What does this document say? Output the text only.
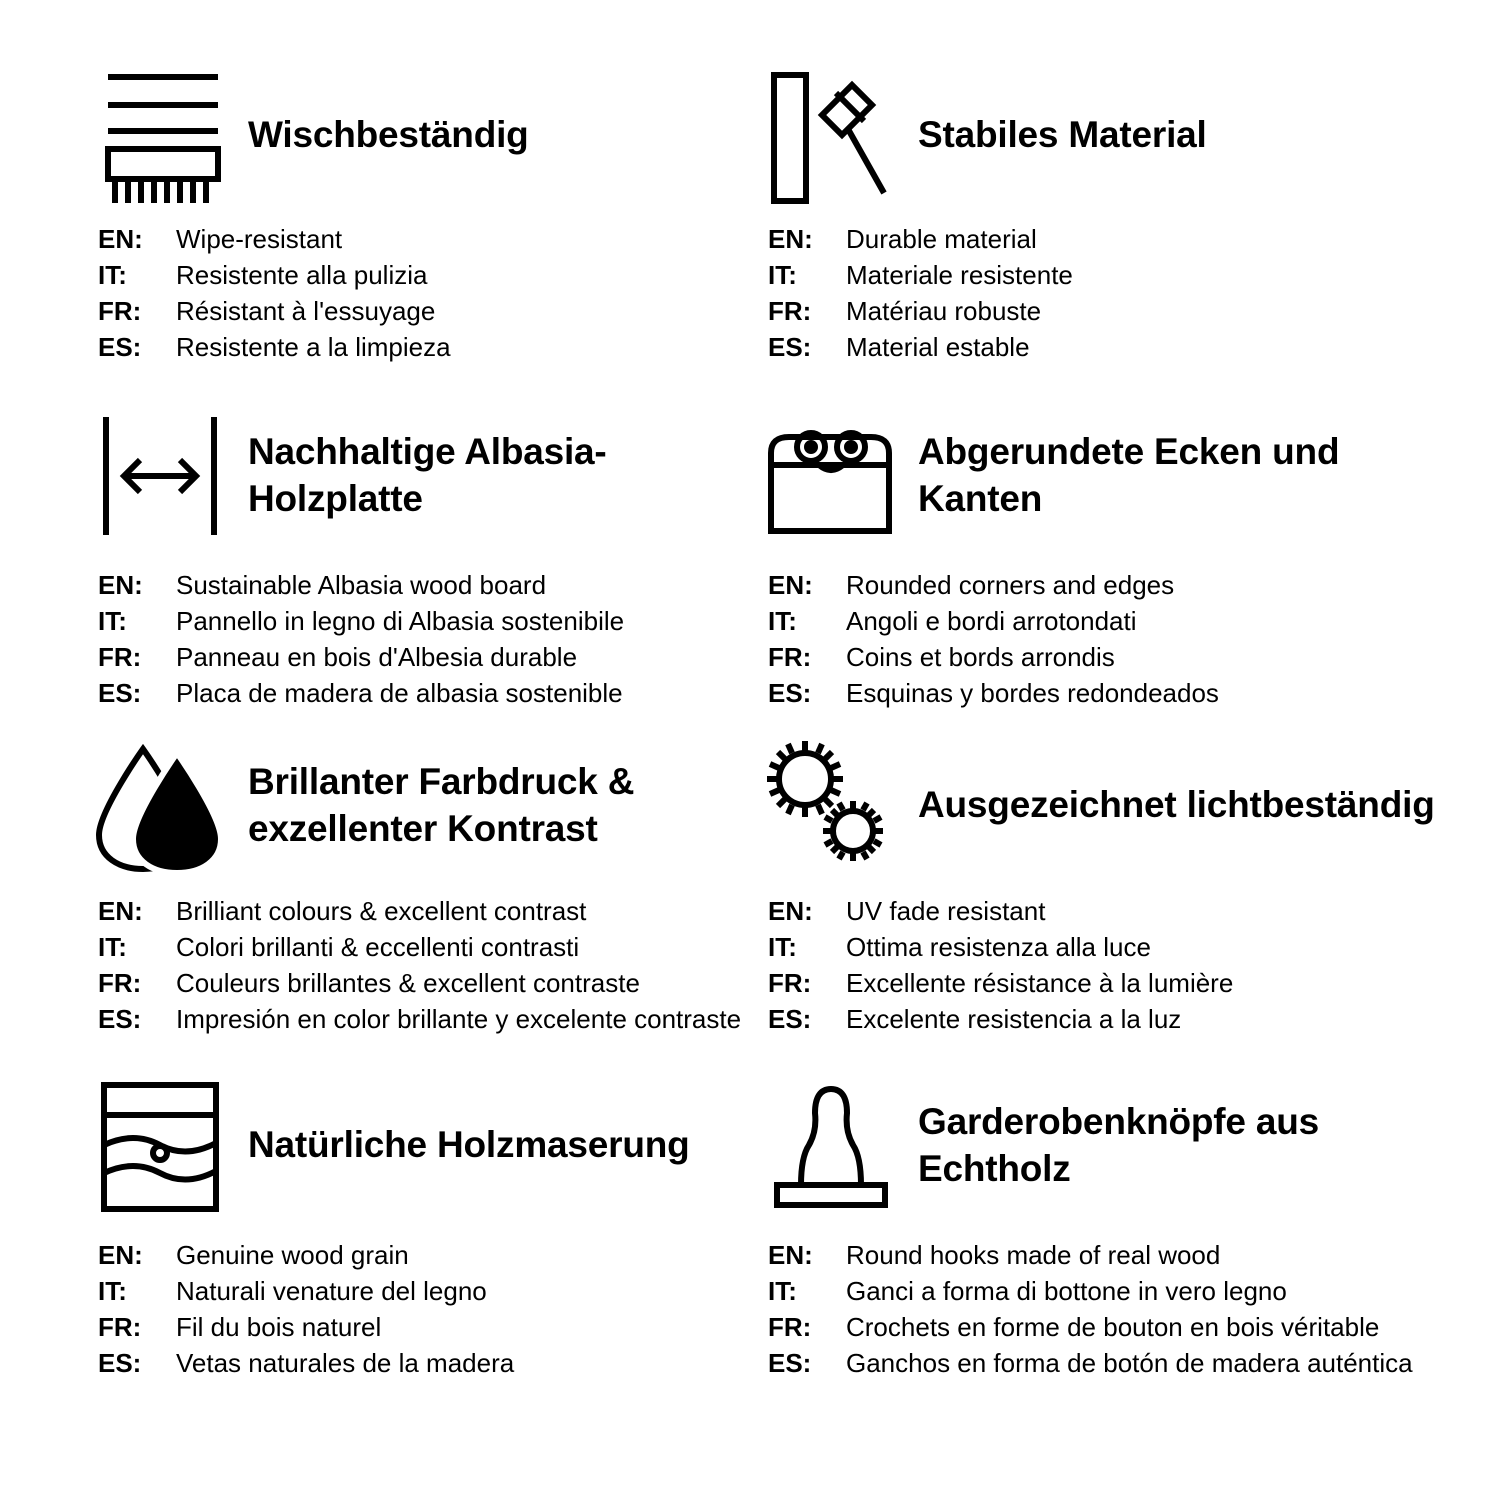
Wischbeständig
EN:	Wipe-resistant
IT:	Resistente alla pulizia
FR:	Résistant à l'essuyage
ES:	Resistente a la limpieza
Stabiles Material
EN:	Durable material
IT:	Materiale resistente
FR:	Matériau robuste
ES:	Material estable
Nachhaltige Albasia-Holzplatte
EN:	Sustainable Albasia wood board
IT:	Pannello in legno di Albasia sostenibile
FR:	Panneau en bois d'Albesia durable
ES:	Placa de madera de albasia sostenible
Abgerundete Ecken und Kanten
EN:	Rounded corners and edges
IT:	Angoli e bordi arrotondati
FR:	Coins et bords arrondis
ES:	Esquinas y bordes redondeados
Brillanter Farbdruck & exzellenter Kontrast
EN:	Brilliant colours & excellent contrast
IT:	Colori brillanti & eccellenti contrasti
FR:	Couleurs brillantes & excellent contraste
ES:	Impresión en color brillante y excelente contraste
Ausgezeichnet lichtbeständig
EN:	UV fade resistant
IT:	Ottima resistenza alla luce
FR:	Excellente résistance à la lumière
ES:	Excelente resistencia a la luz
Natürliche Holzmaserung
EN:	Genuine wood grain
IT:	Naturali venature del legno
FR:	Fil du bois naturel
ES:	Vetas naturales de la madera
Garderobenknöpfe aus Echtholz
EN:	Round hooks made of real wood
IT:	Ganci a forma di bottone in vero legno
FR:	Crochets en forme de bouton en bois véritable
ES:	Ganchos en forma de botón de madera auténtica
